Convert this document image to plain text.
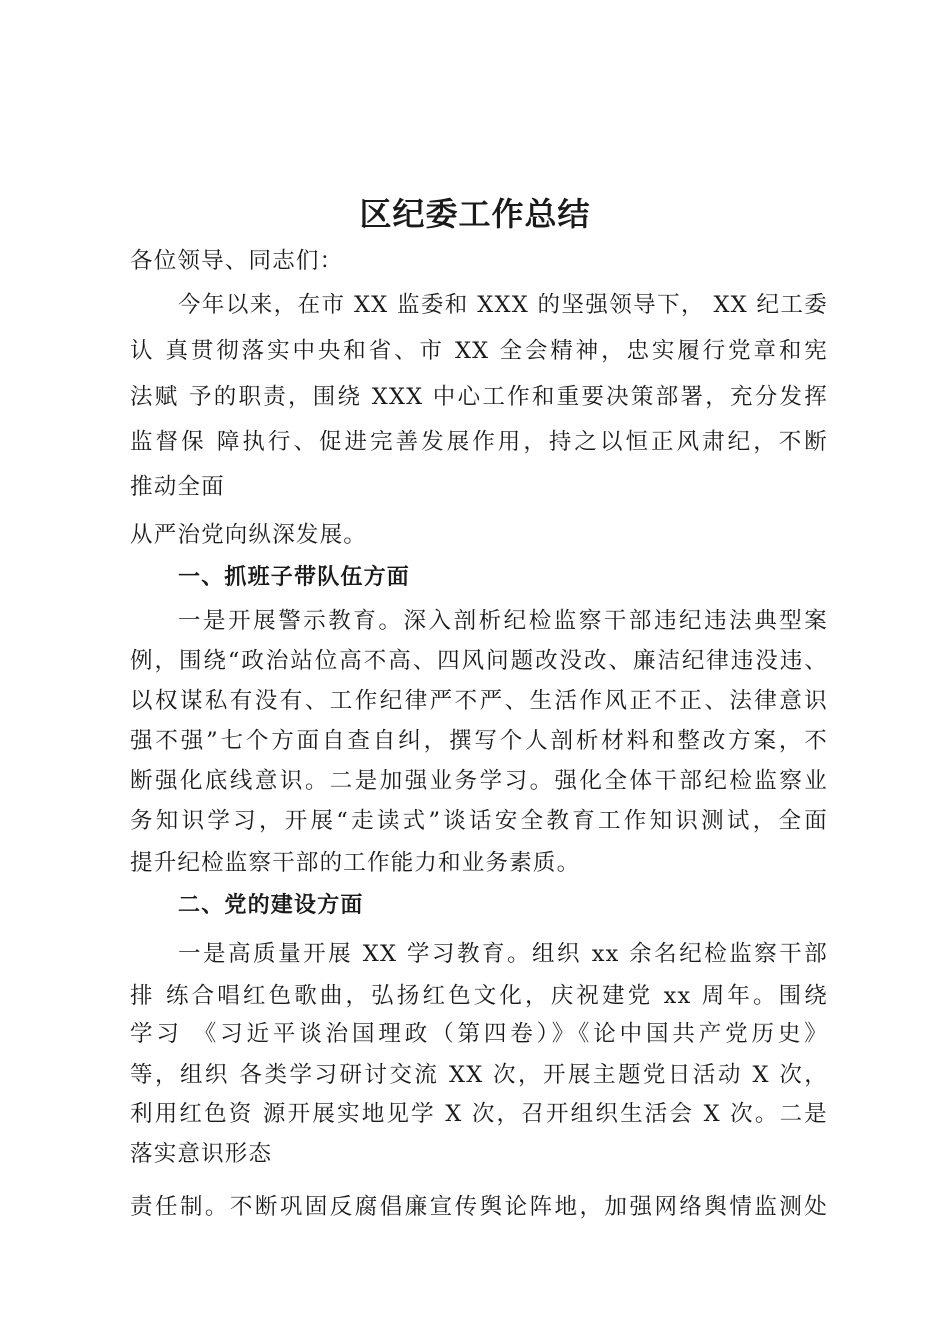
区纪委工作总结
各位领导、同志们：
今年以来，在市 XX 监委和 XXX 的坚强领导下， XX 纪工委
认 真贯彻落实中央和省、市 XX 全会精神，忠实履行党章和宪
法赋 予的职责，围绕 XXX 中心工作和重要决策部署，充分发挥
监督保 障执行、促进完善发展作用，持之以恒正风肃纪，不断
推动全面
从严治党向纵深发展。
一、抓班子带队伍方面
一是开展警示教育。深入剖析纪检监察干部违纪违法典型案
例，围绕“政治站位高不高、四风问题改没改、廉洁纪律违没违、
以权谋私有没有、工作纪律严不严、生活作风正不正、法律意识
强不强”七个方面自查自纠，撰写个人剖析材料和整改方案，不
断强化底线意识。二是加强业务学习。强化全体干部纪检监察业
务知识学习，开展“走读式”谈话安全教育工作知识测试，全面
提升纪检监察干部的工作能力和业务素质。
二、党的建设方面
一是高质量开展 XX 学习教育。组织 xx 余名纪检监察干部
排 练合唱红色歌曲，弘扬红色文化，庆祝建党 xx 周年。围绕
学习 《习近平谈治国理政（第四卷）》《论中国共产党历史》
等，组织 各类学习研讨交流 XX 次，开展主题党日活动 X 次，
利用红色资 源开展实地见学 X 次，召开组织生活会 X 次。二是
落实意识形态
责任制。不断巩固反腐倡廉宣传舆论阵地，加强网络舆情监测处
